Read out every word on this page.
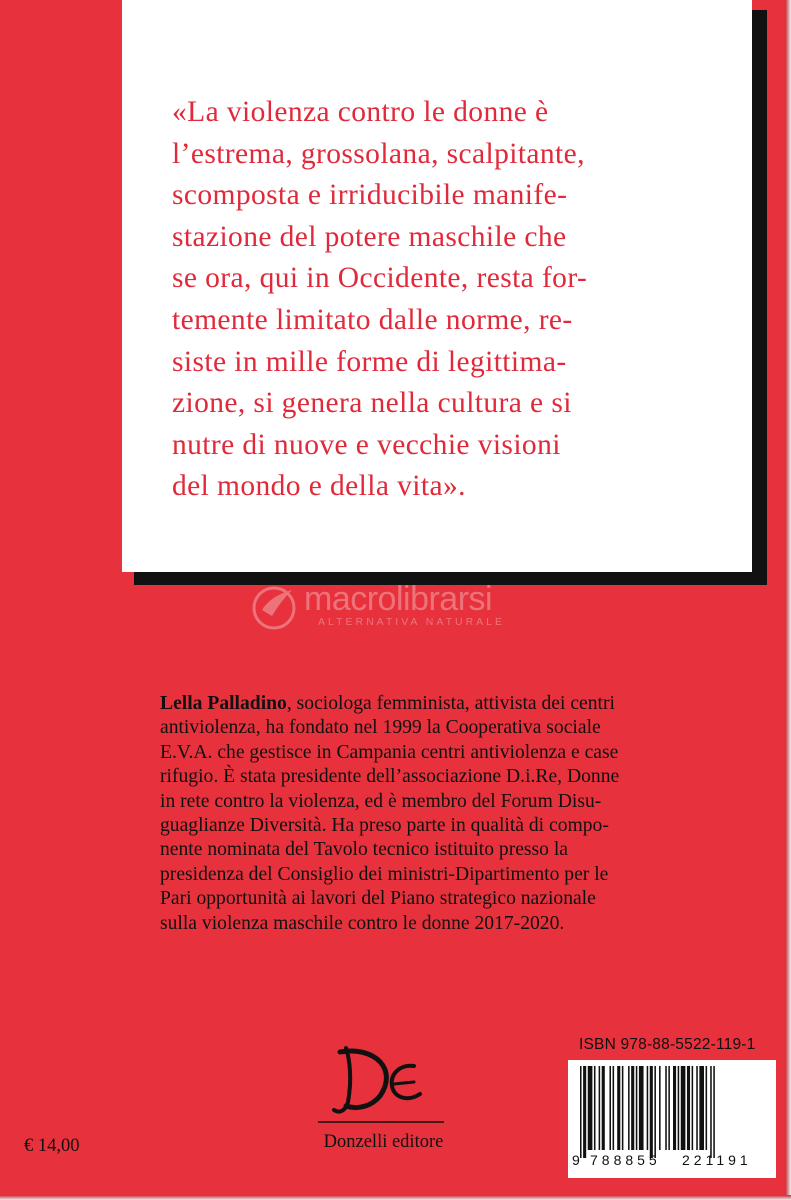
«La violenza contro le donne è
l’estrema, grossolana, scalpitante,
scomposta e irriducibile manife-
stazione del potere maschile che
se ora, qui in Occidente, resta for-
temente limitato dalle norme, re-
siste in mille forme di legittima-
zione, si genera nella cultura e si
nutre di nuove e vecchie visioni
del mondo e della vita».

macrolibrarsi
ALTERNATIVA NATURALE
Lella Palladino, sociologa femminista, attivista dei centri
antiviolenza, ha fondato nel 1999 la Cooperativa sociale
E.V.A. che gestisce in Campania centri antiviolenza e case
rifugio. È stata presidente dell’associazione D.i.Re, Donne
in rete contro la violenza, ed è membro del Forum Disu-
guaglianze Diversità. Ha preso parte in qualità di compo-
nente nominata del Tavolo tecnico istituito presso la
presidenza del Consiglio dei ministri-Dipartimento per le
Pari opportunità ai lavori del Piano strategico nazionale
sulla violenza maschile contro le donne 2017-2020.
Donzelli editore
€ 14,00
ISBN 978-88-5522-119-1
9 788855 221191
